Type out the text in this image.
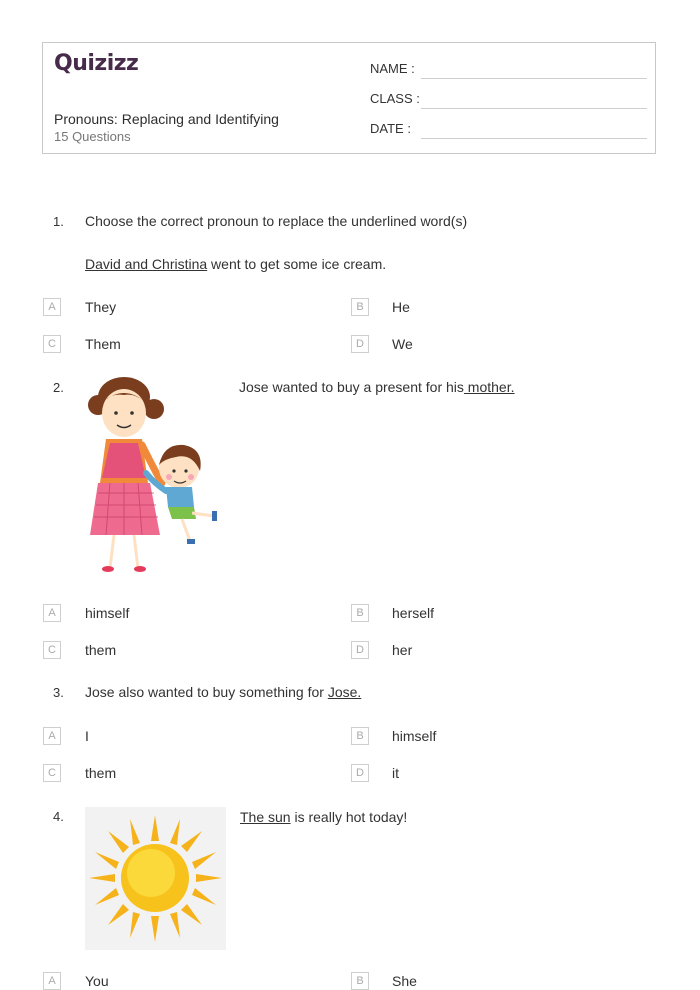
Quizizz
Pronouns: Replacing and Identifying
15 Questions
NAME :
CLASS :
DATE :
1. Choose the correct pronoun to replace the underlined word(s)
David and Christina went to get some ice cream.
A	They	B	He
C	Them	D	We
2.	Jose wanted to buy a present for his mother.
A	himself	B	herself
C	them	D	her
3. Jose also wanted to buy something for Jose.
A	I	B	himself
C	them	D	it
4.	The sun is really hot today!
A	You	B	She
